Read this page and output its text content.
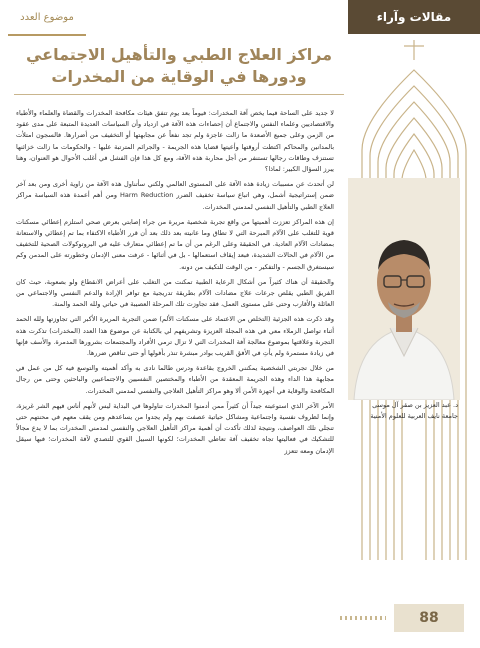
مقالات وآراء
موضوع العدد
مراكز العلاج الطبي والتأهيل الاجتماعي
ودورها في الوقاية من المخدرات

لا جديد على الساحة فيما يخص آفة المخدرات: فيوماً بعد يوم تتفق هيئات مكافحة المخدرات والقضاة والعلماء والأطباء والاقتصاديين وعلماء النفس والاجتماع أن إحصاءات هذه الآفة في ازدياد وأن السياسات العديدة المتبعة على مدى عقود من الزمن وعلى جميع الأصعدة ما زالت عاجزة ولم تجد نفعاً عن مجابهتها أو التخفيف من أضرارها. فالسجون امتلأت بالمدانين والمحاكم اكتظت أروقتها وأعيتها قضايا هذه الجريمة - والجرائم المترتبة عليها - والحكومات ما زالت خزائنها تستنزف وطاقات رجالها تستنفر من أجل محاربة هذه الآفة، ومع كل هذا فإن الفشل في أغلب الأحوال هو العنوان، وهنا يبرز السؤال الكبير: لماذا؟

لن أتحدث عن مسببات زيادة هذه الآفة على المستوى العالمي ولكني سأتناول هذه الآفة من زاوية أخرى ومن بعد آخر ضمن إستراتيجية أشمل، وهي اتباع سياسة تخفيف الضرر Harm Reduction ومن أهم أعمدة هذه السياسة مراكز العلاج الطبي والتأهيل النفسي لمدمني المخدرات.

إن هذه المراكز تعززت أهميتها من واقع تجربة شخصية مريرة من جراء إصابتي بعرض صحي استلزم إعطائي مسكنات قوية للتغلب على الآلام المبرحة التي لا تطاق وما عانيته بعد ذلك بعد أن قرر الأطباء الاكتفاء بما تم إعطائي والاستعانة بمضادات الآلام العادية. في الحقيقة وعلى الرغم من أن ما تم إعطائي متعارف عليه في البروتوكولات الصحية للتخفيف من الآلام في الحالات الشديدة، فبعد إيقاف استعمالها - بل في أثنائها - عرفت معنى الإدمان وخطورته على المدمن وكم سيستغرق الجسم - والتفكير - من الوقت للتكيف من دونه.

والحقيقة أن هناك كثيراً من أشكال الرعاية الطبية تمكنت من التغلب على أعراض الانقطاع ولو بصعوبة، حيث كان الفريق الطبي يقلص جرعات علاج مضادات الآلام بطريقة تدريجية مع توافر الإرادة والدعم النفسي والاجتماعي من العائلة والأقارب وحتى على مستوى العمل، فقد تجاوزت تلك المرحلة العصيبة في حياتي ولله الحمد والمنة.

وقد ذكرت هذه الجزئية (التخلص من الاعتماد على مسكنات الألم) ضمن التجربة المريرة الأكبر التي تجاوزتها ولله الحمد أثناء تواصل الزملاء معي في هذه المجلة العزيزة وتشريفهم لي بالكتابة عن موضوع هذا العدد (المخدرات) تذكرت هذه التجربة وعلاقتها بموضوع معالجة آفة المخدرات التي لا تزال ترمي الأفراد والمجتمعات بشرورها المدمرة. والأسف فإنها في زيادة مستمرة ولم يأتِ في الأفق القريب بوادر مبشرة تنذر بأفولها أو حتى تناقص ضررها.

من خلال تجربتي الشخصية يمكنني الخروج بقاعدة ودرس طالما نادى به وأكد أهميته والتوسع فيه كل من عمل في مجابهة هذا الداء وهذه الجريمة المعقدة من الأطباء والمختصين النفسيين والاجتماعيين والباحثين وحتى من رجال المكافحة والوقاية في أجهزة الأمن ألا وهو مراكز التأهيل العلاجي والنفسي لمدمني المخدرات.

الأمر الآخر الذي استوعبته جيداً أن كثيراً ممن أدمنوا المخدرات تناولوها في البداية ليس لأنهم أناس فيهم الشر غريزة، وإنما لظروف نفسية واجتماعية ومشاكل حياتية عصفت بهم ولم يجدوا من يساعدهم ومن يقف معهم في محنتهم حتى تنجلي تلك العواصف، ونتيجة لذلك تأكدت أن أهمية مراكز التأهيل العلاجي والنفسي لمدمني المخدرات بما لا يدع مجالاً للتشكيك في فعاليتها تجاه تخفيف آفة تعاطي المخدرات؛ لكونها السبيل القوي للتصدي لآفة المخدرات؛ فبها سيقل الإدمان ومعه تتعزز

د. عبد العزيز بن صقر آل موسى
جامعة نايف العربية للعلوم الأمنية
88
